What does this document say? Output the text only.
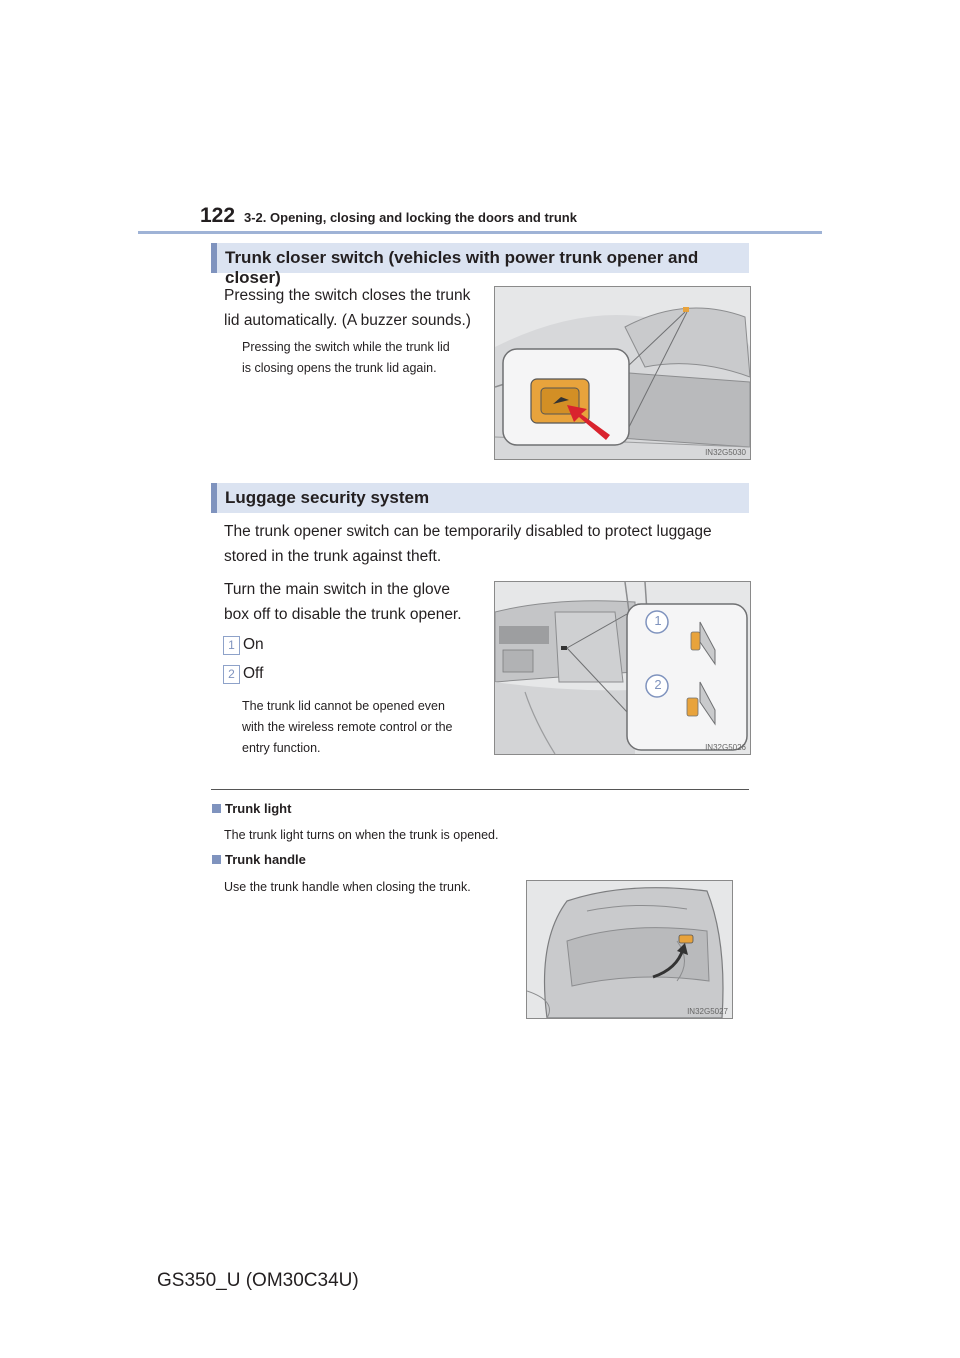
122 3-2. Opening, closing and locking the doors and trunk
Trunk closer switch (vehicles with power trunk opener and closer)
Pressing the switch closes the trunk
lid automatically. (A buzzer sounds.)
Pressing the switch while the trunk lid
is closing opens the trunk lid again.
IN32G5030
Luggage security system
The trunk opener switch can be temporarily disabled to protect luggage
stored in the trunk against theft.
Turn the main switch in the glove
box off to disable the trunk opener.
1 On
2 Off
The trunk lid cannot be opened even
with the wireless remote control or the
entry function.
1
2
IN32G5026
Trunk light
The trunk light turns on when the trunk is opened.
Trunk handle
Use the trunk handle when closing the trunk.
IN32G5027
GS350_U (OM30C34U)
